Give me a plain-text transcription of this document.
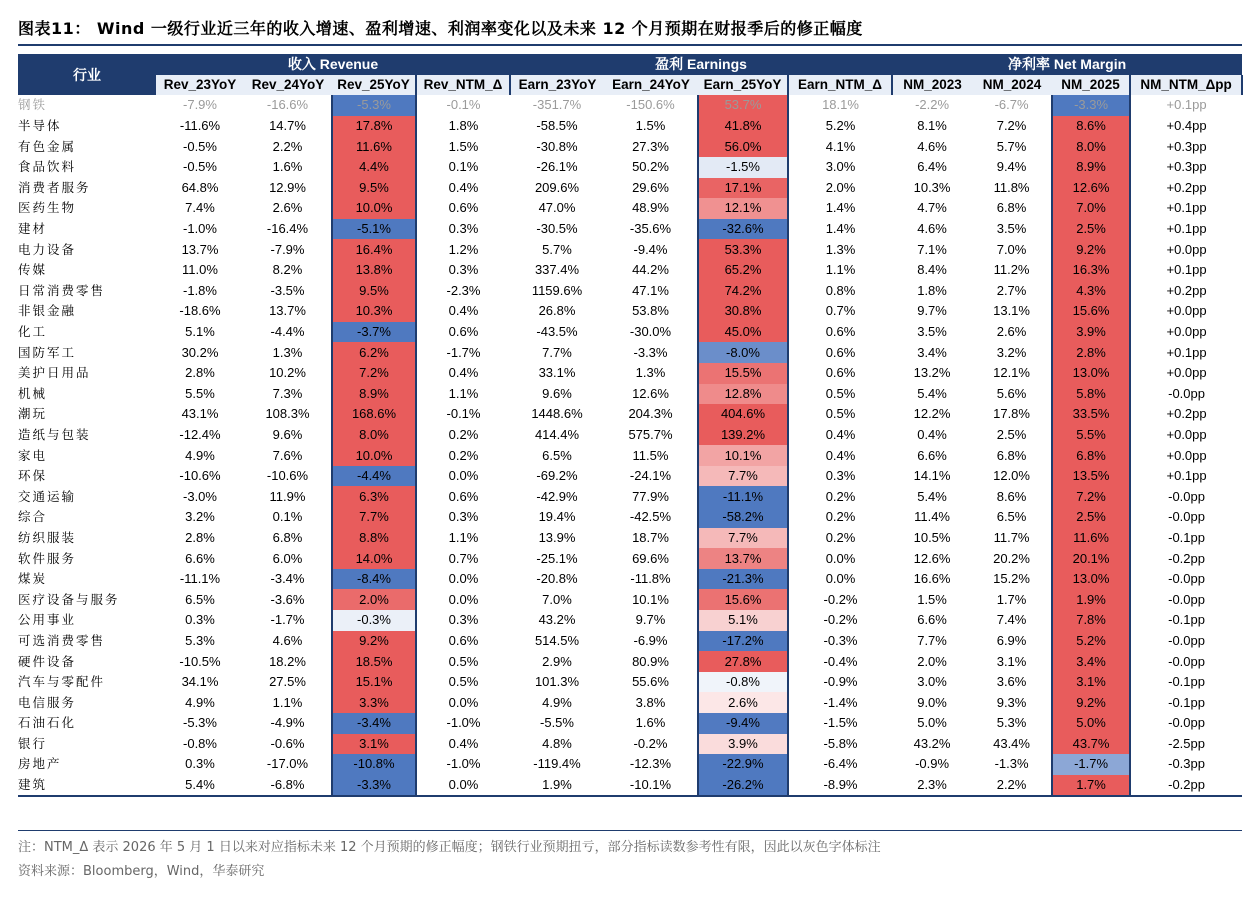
图表11： Wind 一级行业近三年的收入增速、盈利增速、利润率变化以及未来 12 个月预期在财报季后的修正幅度
行业	收入 Revenue				盈利 Earnings				净利率 Net Margin			
	Rev_23YoY	Rev_24YoY	Rev_25YoY	Rev_NTM_Δ	Earn_23YoY	Earn_24YoY	Earn_25YoY	Earn_NTM_Δ	NM_2023	NM_2024	NM_2025	NM_NTM_Δpp
钢铁	-7.9%	-16.6%	-5.3%	-0.1%	-351.7%	-150.6%	53.7%	18.1%	-2.2%	-6.7%	-3.3%	+0.1pp
半导体	-11.6%	14.7%	17.8%	1.8%	-58.5%	1.5%	41.8%	5.2%	8.1%	7.2%	8.6%	+0.4pp
有色金属	-0.5%	2.2%	11.6%	1.5%	-30.8%	27.3%	56.0%	4.1%	4.6%	5.7%	8.0%	+0.3pp
食品饮料	-0.5%	1.6%	4.4%	0.1%	-26.1%	50.2%	-1.5%	3.0%	6.4%	9.4%	8.9%	+0.3pp
消费者服务	64.8%	12.9%	9.5%	0.4%	209.6%	29.6%	17.1%	2.0%	10.3%	11.8%	12.6%	+0.2pp
医药生物	7.4%	2.6%	10.0%	0.6%	47.0%	48.9%	12.1%	1.4%	4.7%	6.8%	7.0%	+0.1pp
建材	-1.0%	-16.4%	-5.1%	0.3%	-30.5%	-35.6%	-32.6%	1.4%	4.6%	3.5%	2.5%	+0.1pp
电力设备	13.7%	-7.9%	16.4%	1.2%	5.7%	-9.4%	53.3%	1.3%	7.1%	7.0%	9.2%	+0.0pp
传媒	11.0%	8.2%	13.8%	0.3%	337.4%	44.2%	65.2%	1.1%	8.4%	11.2%	16.3%	+0.1pp
日常消费零售	-1.8%	-3.5%	9.5%	-2.3%	1159.6%	47.1%	74.2%	0.8%	1.8%	2.7%	4.3%	+0.2pp
非银金融	-18.6%	13.7%	10.3%	0.4%	26.8%	53.8%	30.8%	0.7%	9.7%	13.1%	15.6%	+0.0pp
化工	5.1%	-4.4%	-3.7%	0.6%	-43.5%	-30.0%	45.0%	0.6%	3.5%	2.6%	3.9%	+0.0pp
国防军工	30.2%	1.3%	6.2%	-1.7%	7.7%	-3.3%	-8.0%	0.6%	3.4%	3.2%	2.8%	+0.1pp
美护日用品	2.8%	10.2%	7.2%	0.4%	33.1%	1.3%	15.5%	0.6%	13.2%	12.1%	13.0%	+0.0pp
机械	5.5%	7.3%	8.9%	1.1%	9.6%	12.6%	12.8%	0.5%	5.4%	5.6%	5.8%	-0.0pp
潮玩	43.1%	108.3%	168.6%	-0.1%	1448.6%	204.3%	404.6%	0.5%	12.2%	17.8%	33.5%	+0.2pp
造纸与包装	-12.4%	9.6%	8.0%	0.2%	414.4%	575.7%	139.2%	0.4%	0.4%	2.5%	5.5%	+0.0pp
家电	4.9%	7.6%	10.0%	0.2%	6.5%	11.5%	10.1%	0.4%	6.6%	6.8%	6.8%	+0.0pp
环保	-10.6%	-10.6%	-4.4%	0.0%	-69.2%	-24.1%	7.7%	0.3%	14.1%	12.0%	13.5%	+0.1pp
交通运输	-3.0%	11.9%	6.3%	0.6%	-42.9%	77.9%	-11.1%	0.2%	5.4%	8.6%	7.2%	-0.0pp
综合	3.2%	0.1%	7.7%	0.3%	19.4%	-42.5%	-58.2%	0.2%	11.4%	6.5%	2.5%	-0.0pp
纺织服装	2.8%	6.8%	8.8%	1.1%	13.9%	18.7%	7.7%	0.2%	10.5%	11.7%	11.6%	-0.1pp
软件服务	6.6%	6.0%	14.0%	0.7%	-25.1%	69.6%	13.7%	0.0%	12.6%	20.2%	20.1%	-0.2pp
煤炭	-11.1%	-3.4%	-8.4%	0.0%	-20.8%	-11.8%	-21.3%	0.0%	16.6%	15.2%	13.0%	-0.0pp
医疗设备与服务	6.5%	-3.6%	2.0%	0.0%	7.0%	10.1%	15.6%	-0.2%	1.5%	1.7%	1.9%	-0.0pp
公用事业	0.3%	-1.7%	-0.3%	0.3%	43.2%	9.7%	5.1%	-0.2%	6.6%	7.4%	7.8%	-0.1pp
可选消费零售	5.3%	4.6%	9.2%	0.6%	514.5%	-6.9%	-17.2%	-0.3%	7.7%	6.9%	5.2%	-0.0pp
硬件设备	-10.5%	18.2%	18.5%	0.5%	2.9%	80.9%	27.8%	-0.4%	2.0%	3.1%	3.4%	-0.0pp
汽车与零配件	34.1%	27.5%	15.1%	0.5%	101.3%	55.6%	-0.8%	-0.9%	3.0%	3.6%	3.1%	-0.1pp
电信服务	4.9%	1.1%	3.3%	0.0%	4.9%	3.8%	2.6%	-1.4%	9.0%	9.3%	9.2%	-0.1pp
石油石化	-5.3%	-4.9%	-3.4%	-1.0%	-5.5%	1.6%	-9.4%	-1.5%	5.0%	5.3%	5.0%	-0.0pp
银行	-0.8%	-0.6%	3.1%	0.4%	4.8%	-0.2%	3.9%	-5.8%	43.2%	43.4%	43.7%	-2.5pp
房地产	0.3%	-17.0%	-10.8%	-1.0%	-119.4%	-12.3%	-22.9%	-6.4%	-0.9%	-1.3%	-1.7%	-0.3pp
建筑	5.4%	-6.8%	-3.3%	0.0%	1.9%	-10.1%	-26.2%	-8.9%	2.3%	2.2%	1.7%	-0.2pp
注：NTM_Δ 表示 2026 年 5 月 1 日以来对应指标未来 12 个月预期的修正幅度；钢铁行业预期扭亏，部分指标读数参考性有限，因此以灰色字体标注
资料来源：Bloomberg，Wind，华泰研究
